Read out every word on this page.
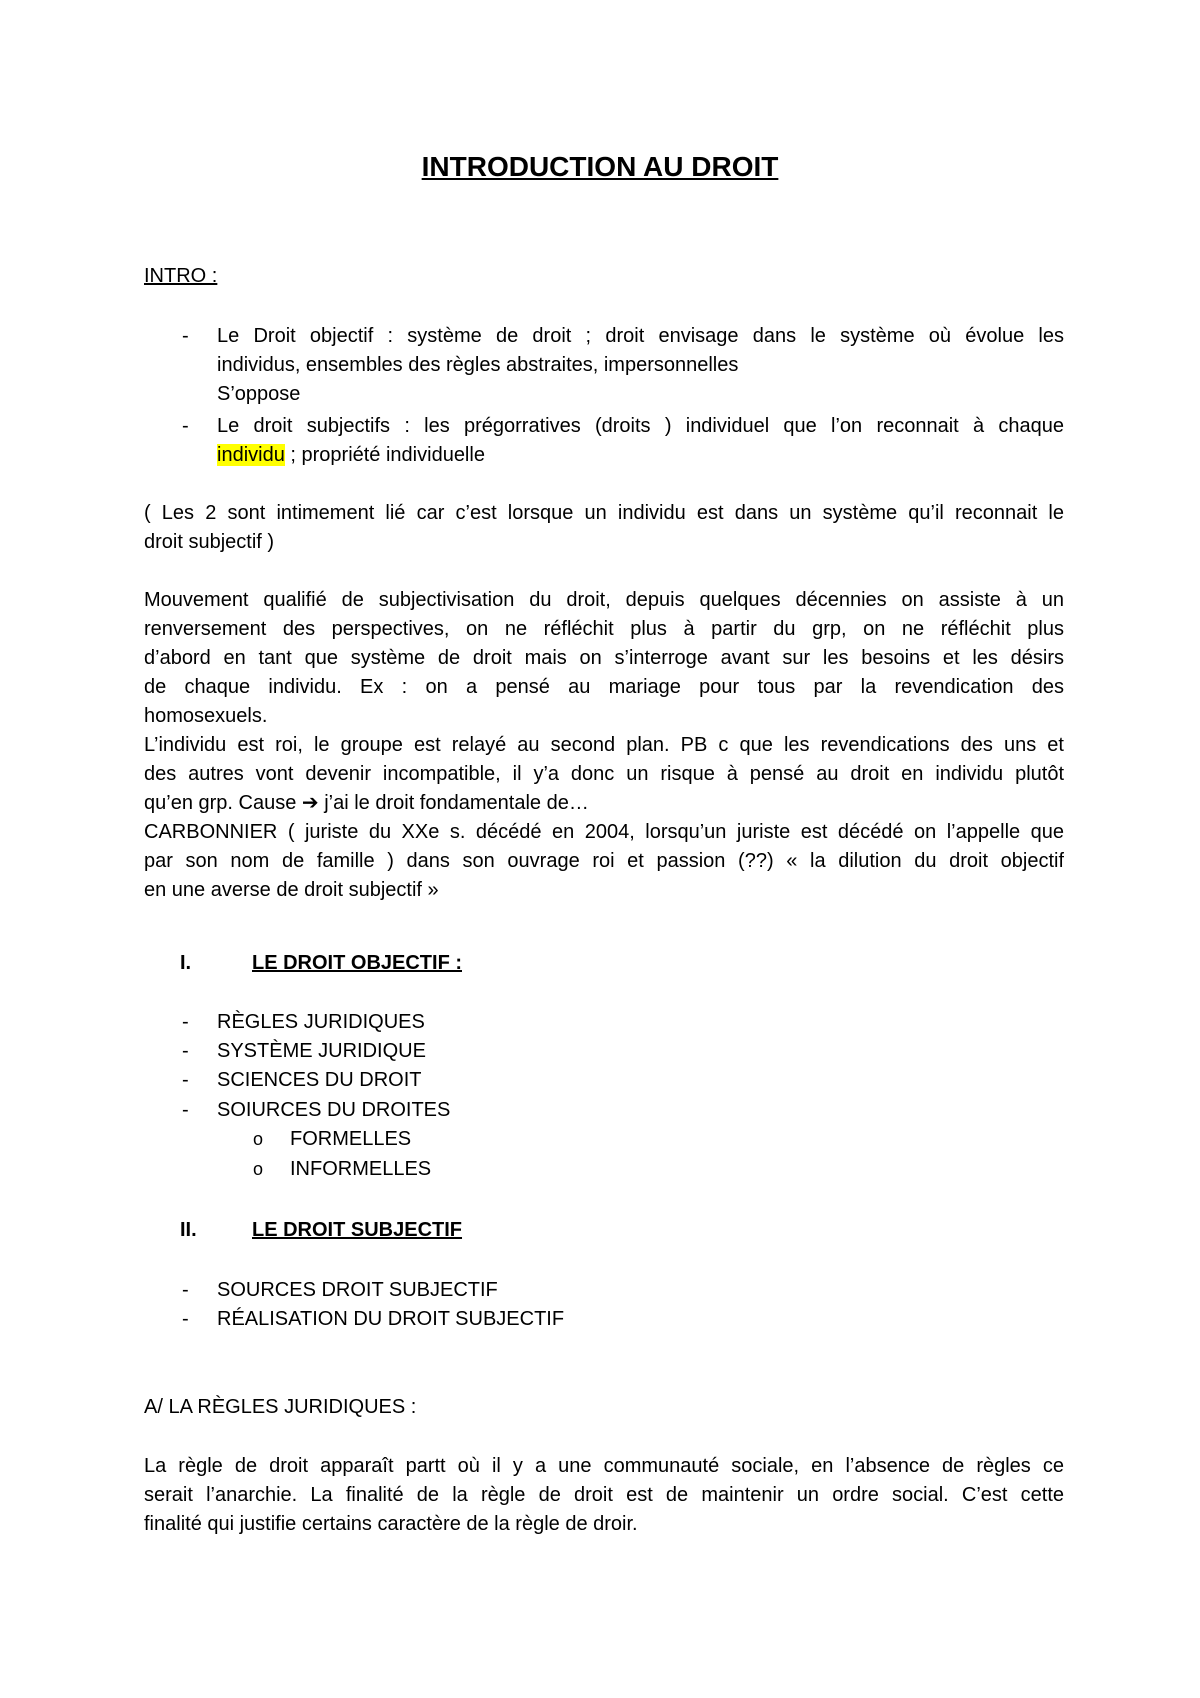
INTRODUCTION AU DROIT
INTRO :
- Le Droit objectif : système de droit ; droit envisage dans le système où évolue les
individus, ensembles des règles abstraites, impersonnelles
S’oppose
- Le droit subjectifs : les prégorratives (droits ) individuel que l’on reconnait à chaque
individu ; propriété individuelle
( Les 2 sont intimement lié car c’est lorsque un individu est dans un système qu’il reconnait le
droit subjectif )
Mouvement qualifié de subjectivisation du droit, depuis quelques décennies on assiste à un
renversement des perspectives, on ne réfléchit plus à partir du grp, on ne réfléchit plus
d’abord en tant que système de droit mais on s’interroge avant sur les besoins et les désirs
de chaque individu. Ex : on a pensé au mariage pour tous par la revendication des
homosexuels.
L’individu est roi, le groupe est relayé au second plan. PB c que les revendications des uns et
des autres vont devenir incompatible, il y’a donc un risque à pensé au droit en individu plutôt
qu’en grp. Cause ➔ j’ai le droit fondamentale de…
CARBONNIER ( juriste du XXe s. décédé en 2004, lorsqu’un juriste est décédé on l’appelle que
par son nom de famille ) dans son ouvrage roi et passion (??) « la dilution du droit objectif
en une averse de droit subjectif »
I.	LE DROIT OBJECTIF :
- RÈGLES JURIDIQUES
- SYSTÈME JURIDIQUE
- SCIENCES DU DROIT
- SOIURCES DU DROITES
o FORMELLES
o INFORMELLES
II.	LE DROIT SUBJECTIF
- SOURCES DROIT SUBJECTIF
- RÉALISATION DU DROIT SUBJECTIF
A/ LA RÈGLES JURIDIQUES :
La règle de droit apparaît partt où il y a une communauté sociale, en l’absence de règles ce
serait l’anarchie. La finalité de la règle de droit est de maintenir un ordre social. C’est cette
finalité qui justifie certains caractère de la règle de droir.
